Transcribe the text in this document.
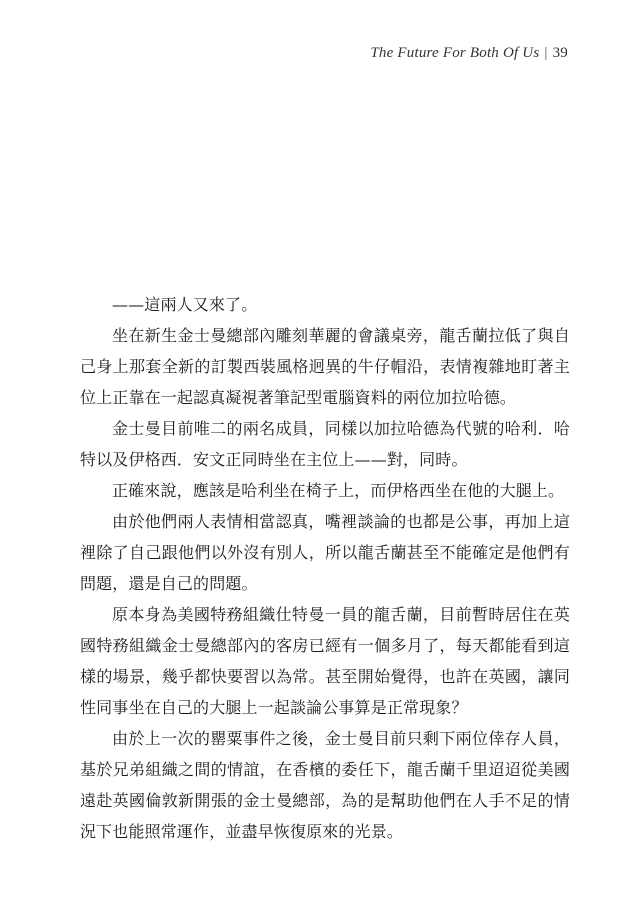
The Future For Both Of Us | 39

——這兩人又來了。

坐在新生金士曼總部內雕刻華麗的會議桌旁，龍舌蘭拉低了與自己身上那套全新的訂製西裝風格迥異的牛仔帽沿，表情複雜地盯著主位上正靠在一起認真凝視著筆記型電腦資料的兩位加拉哈德。

金士曼目前唯二的兩名成員，同樣以加拉哈德為代號的哈利．哈特以及伊格西．安文正同時坐在主位上——對，同時。

正確來說，應該是哈利坐在椅子上，而伊格西坐在他的大腿上。

由於他們兩人表情相當認真，嘴裡談論的也都是公事，再加上這裡除了自己跟他們以外沒有別人，所以龍舌蘭甚至不能確定是他們有問題，還是自己的問題。

原本身為美國特務組織仕特曼一員的龍舌蘭，目前暫時居住在英國特務組織金士曼總部內的客房已經有一個多月了，每天都能看到這樣的場景，幾乎都快要習以為常。甚至開始覺得，也許在英國，讓同性同事坐在自己的大腿上一起談論公事算是正常現象？

由於上一次的罌粟事件之後，金士曼目前只剩下兩位倖存人員，基於兄弟組織之間的情誼，在香檳的委任下，龍舌蘭千里迢迢從美國遠赴英國倫敦新開張的金士曼總部，為的是幫助他們在人手不足的情況下也能照常運作，並盡早恢復原來的光景。
